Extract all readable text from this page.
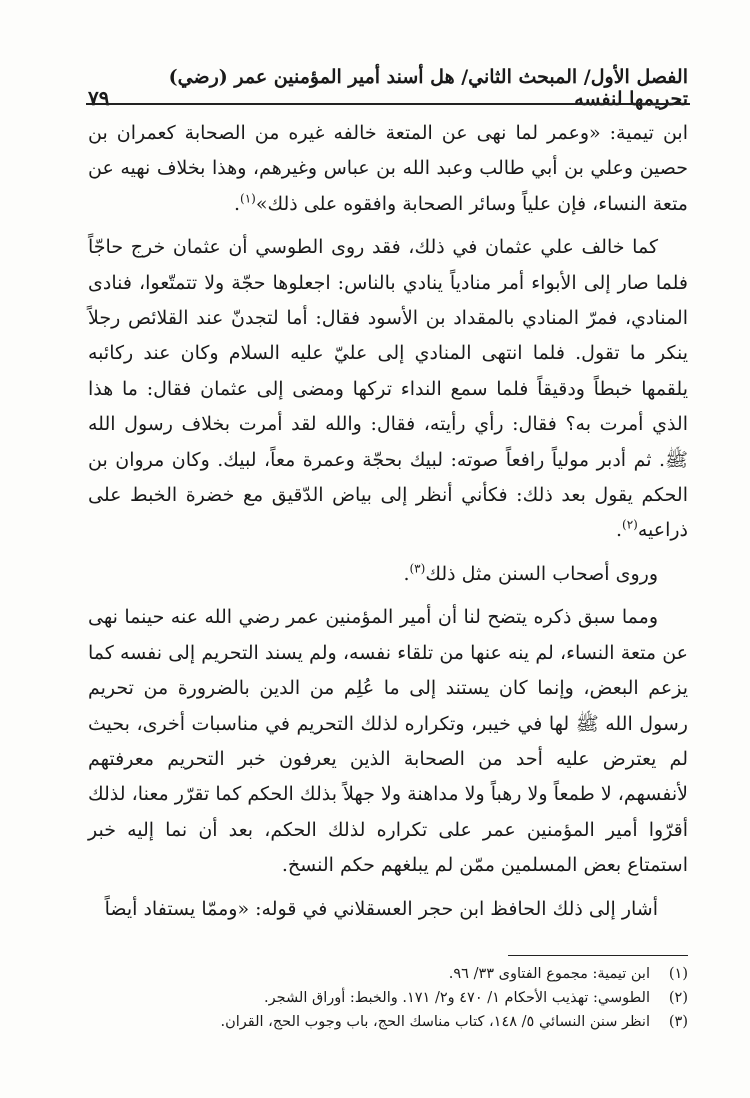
الفصل الأول/ المبحث الثاني/ هل أسند أمير المؤمنين عمر (رضي) تحريمها لنفسه
٧٩

ابن تيمية: «وعمر لما نهى عن المتعة خالفه غيره من الصحابة كعمران بن حصين وعلي بن أبي طالب وعبد الله بن عباس وغيرهم، وهذا بخلاف نهيه عن متعة النساء، فإن علياً وسائر الصحابة وافقوه على ذلك»$^{(١)}$.

كما خالف علي عثمان في ذلك، فقد روى الطوسي أن عثمان خرج حاجّاً فلما صار إلى الأبواء أمر منادياً ينادي بالناس: اجعلوها حجّة ولا تتمتّعوا، فنادى المنادي، فمرّ المنادي بالمقداد بن الأسود فقال: أما لتجدنّ عند القلائص رجلاً ينكر ما تقول. فلما انتهى المنادي إلى عليّ عليه السلام وكان عند ركائبه يلقمها خبطاً ودقيقاً فلما سمع النداء تركها ومضى إلى عثمان فقال: ما هذا الذي أمرت به؟ فقال: رأي رأيته، فقال: والله لقد أمرت بخلاف رسول الله ﷺ. ثم أدبر مولياً رافعاً صوته: لبيك بحجّة وعمرة معاً، لبيك. وكان مروان بن الحكم يقول بعد ذلك: فكأني أنظر إلى بياض الدّقيق مع خضرة الخبط على ذراعيه$^{(٢)}$.

وروى أصحاب السنن مثل ذلك$^{(٣)}$.

ومما سبق ذكره يتضح لنا أن أمير المؤمنين عمر رضي الله عنه حينما نهى عن متعة النساء، لم ينه عنها من تلقاء نفسه، ولم يسند التحريم إلى نفسه كما يزعم البعض، وإنما كان يستند إلى ما عُلِم من الدين بالضرورة من تحريم رسول الله ﷺ لها في خيبر، وتكراره لذلك التحريم في مناسبات أخرى، بحيث لم يعترض عليه أحد من الصحابة الذين يعرفون خبر التحريم معرفتهم لأنفسهم، لا طمعاً ولا رهباً ولا مداهنة ولا جهلاً بذلك الحكم كما تقرّر معنا، لذلك أقرّوا أمير المؤمنين عمر على تكراره لذلك الحكم، بعد أن نما إليه خبر استمتاع بعض المسلمين ممّن لم يبلغهم حكم النسخ.

أشار إلى ذلك الحافظ ابن حجر العسقلاني في قوله: «وممّا يستفاد أيضاً

(١)
ابن تيمية: مجموع الفتاوى ٣٣/ ٩٦.
(٢)
الطوسي: تهذيب الأحكام ١/ ٤٧٠ و٢/ ١٧١. والخبط: أوراق الشجر.
(٣)
انظر سنن النسائي ٥/ ١٤٨، كتاب مناسك الحج، باب وجوب الحج، القران.
